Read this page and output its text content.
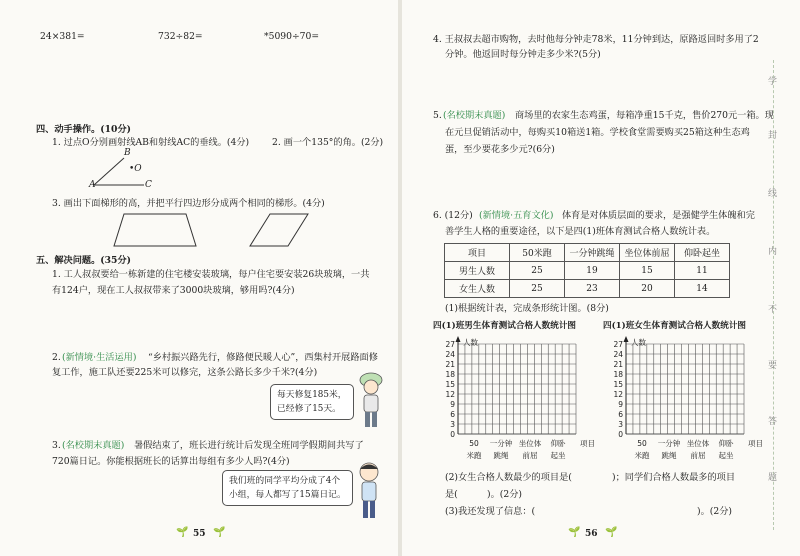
24×381=	732÷82=	*5090÷70=
四、动手操作。(10分)
1. 过点O分别画射线AB和射线AC的垂线。(4分) 2. 画一个135°的角。(2分)
A
B
C
•O
3. 画出下面梯形的高，并把平行四边形分成两个相同的梯形。(4分)
五、解决问题。(35分)
1. 工人叔叔要给一栋新建的住宅楼安装玻璃，每户住宅要安装26块玻璃，一共
有124户，现在工人叔叔带来了3000块玻璃，够用吗?(4分)
2. (新情境·生活运用) “乡村振兴路先行，修路便民暖人心”，西集村开展路面修
复工作，施工队还要225米可以修完，这条公路长多少千米?(4分)
每天修复185米，
已经修了15天。
3. (名校期末真题) 暑假结束了，班长进行统计后发现全班同学假期间共写了
720篇日记。你能根据班长的话算出每组有多少人吗?(4分)
我们班的同学平均分成了4个
小组，每人都写了15篇日记。
🌱 55 🌱
4. 王叔叔去超市购物，去时他每分钟走78米，11分钟到达，原路返回时多用了2
分钟。他返回时每分钟走多少米?(5分)
5. (名校期末真题) 商场里的农家生态鸡蛋，每箱净重15千克，售价270元一箱。现
在元旦促销活动中，每购买10箱送1箱。学校食堂需要购买25箱这种生态鸡
蛋，至少要花多少元?(6分)
6. (12分) (新情境·五育文化) 体育是对体质层面的要求，是强健学生体魄和完
善学生人格的重要途径，以下是四(1)班体育测试合格人数统计表。
项目	50米跑	一分钟跳绳	坐位体前屈	仰卧起坐
男生人数	25	19	15	11
女生人数	25	23	20	14
(1)根据统计表，完成条形统计图。(8分)
四(1)班男生体育测试合格人数统计图	四(1)班女生体育测试合格人数统计图
0
3
6
9
12
15
18
21
24
27 人数
50 一分钟 坐位体 仰卧
米跑 跳绳 前屈 起坐
项目
0
3
6
9
12
15
18
21
24
27 人数
50 一分钟 坐位体 仰卧
米跑 跳绳 前屈 起坐
项目
(2)女生合格人数最少的项目是(	)；同学们合格人数最多的项目
是(	)。(2分)
(3)我还发现了信息：(	)。(2分)
学
封
线
内
不
要
答
题
🌱 56 🌱
